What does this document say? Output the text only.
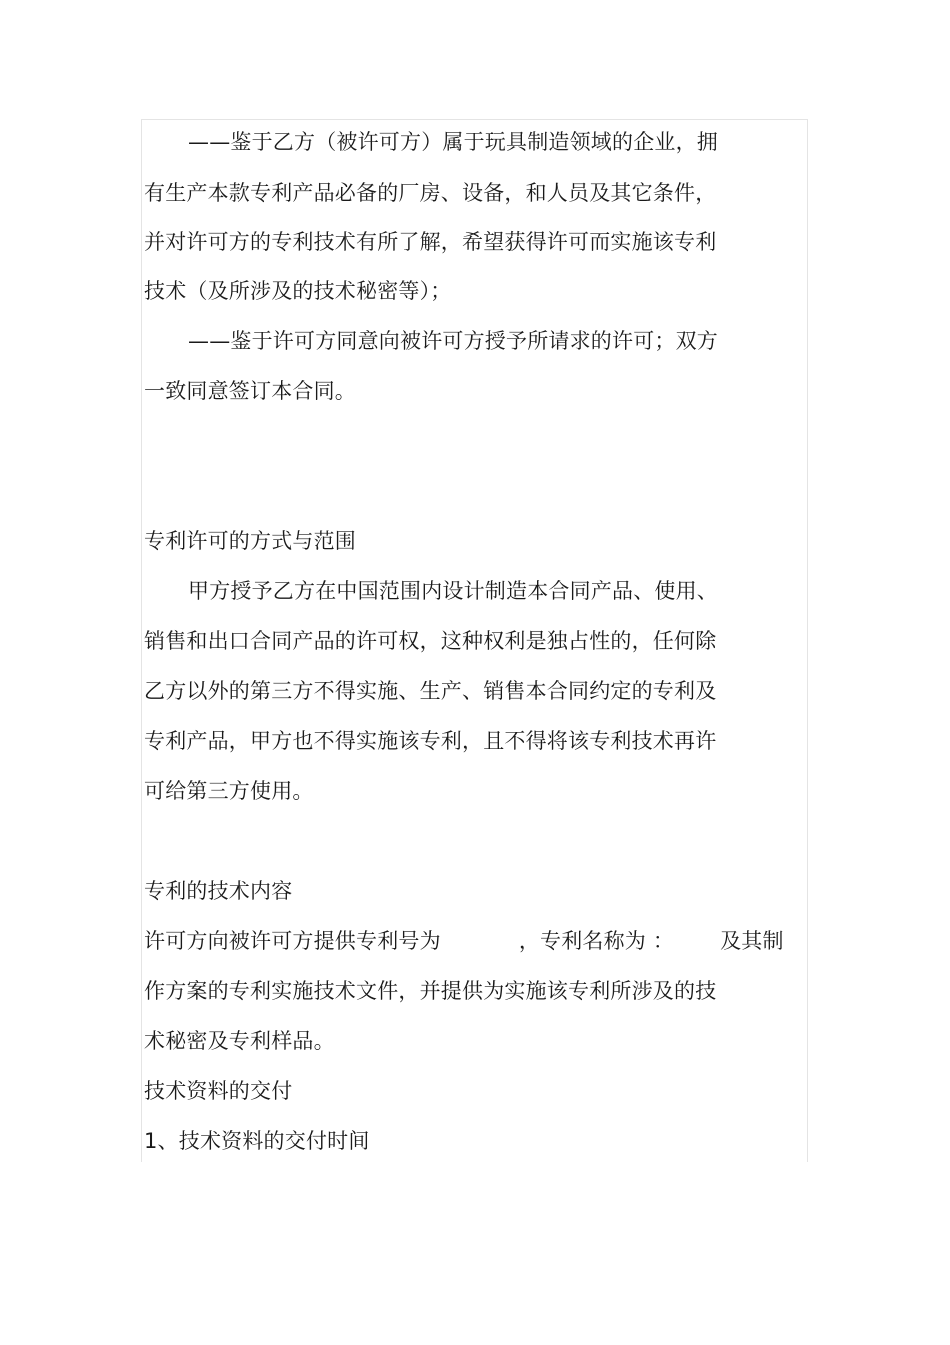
——鉴于乙方（被许可方）属于玩具制造领域的企业，拥
有生产本款专利产品必备的厂房、设备，和人员及其它条件，
并对许可方的专利技术有所了解，希望获得许可而实施该专利
技术（及所涉及的技术秘密等）；
——鉴于许可方同意向被许可方授予所请求的许可；双方
一致同意签订本合同。
专利许可的方式与范围
甲方授予乙方在中国范围内设计制造本合同产品、使用、
销售和出口合同产品的许可权，这种权利是独占性的，任何除
乙方以外的第三方不得实施、生产、销售本合同约定的专利及
专利产品，甲方也不得实施该专利，且不得将该专利技术再许
可给第三方使用。
专利的技术内容
许可方向被许可方提供专利号为	，专利名称为 ： 及其制
作方案的专利实施技术文件，并提供为实施该专利所涉及的技
术秘密及专利样品。
技术资料的交付
1、技术资料的交付时间
